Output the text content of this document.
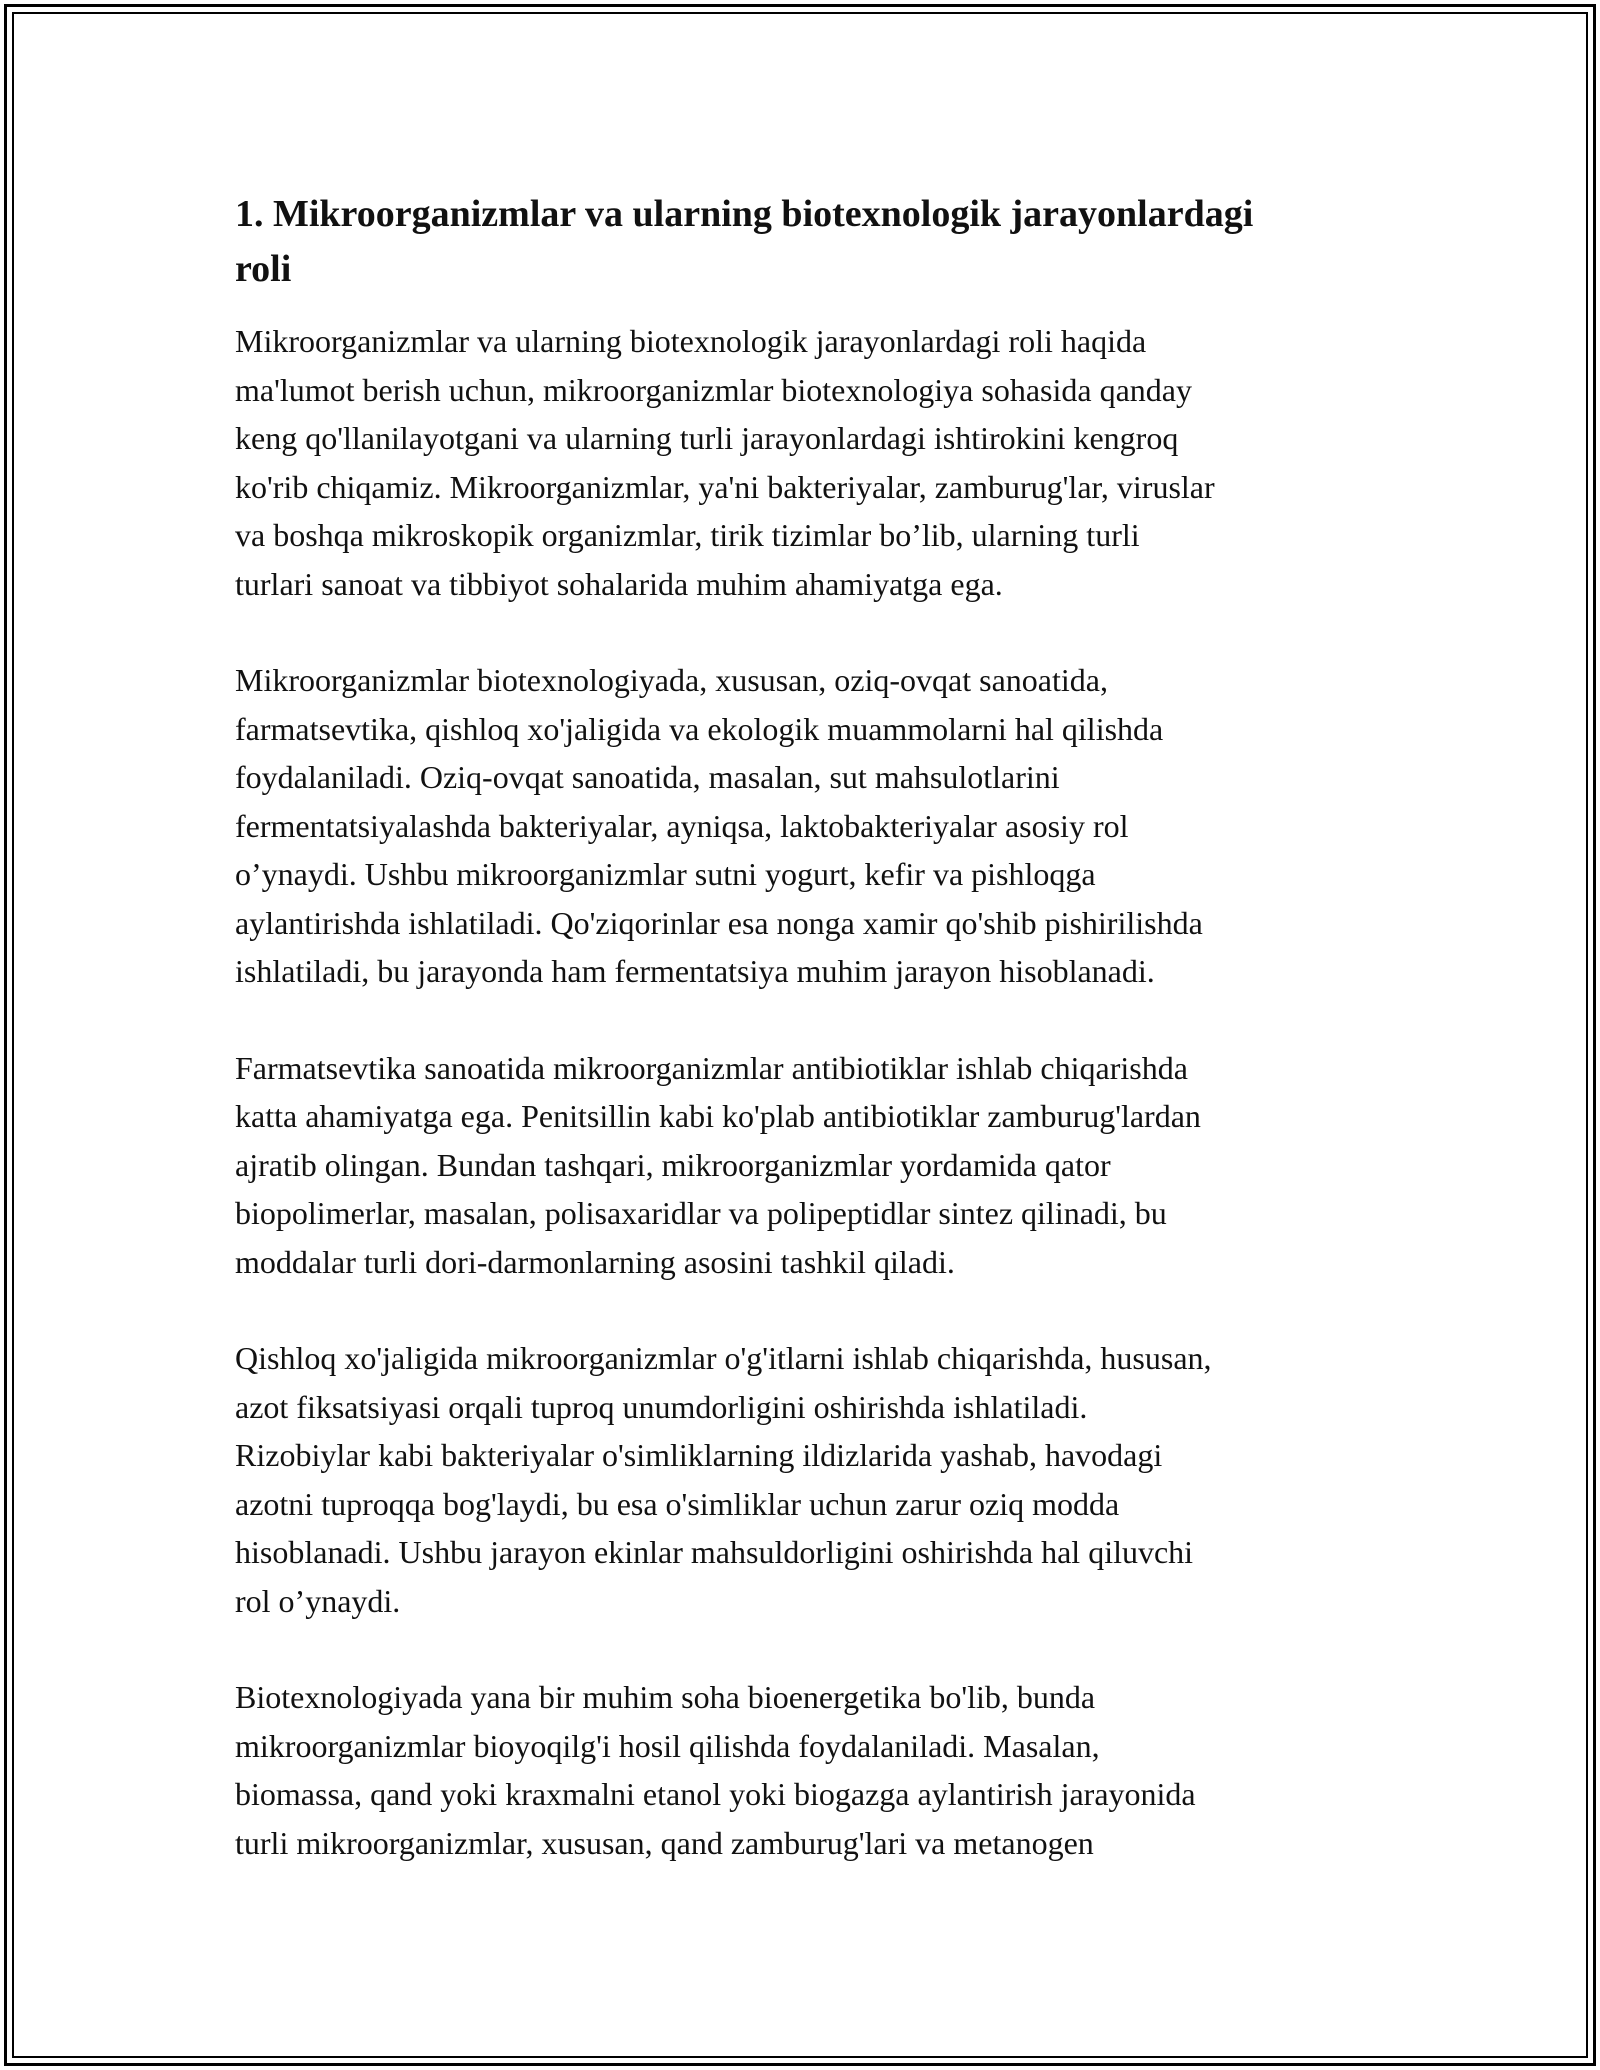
1. Mikroorganizmlar va ularning biotexnologik jarayonlardagi
roli
Mikroorganizmlar va ularning biotexnologik jarayonlardagi roli haqida
ma'lumot berish uchun, mikroorganizmlar biotexnologiya sohasida qanday
keng qo'llanilayotgani va ularning turli jarayonlardagi ishtirokini kengroq
ko'rib chiqamiz. Mikroorganizmlar, ya'ni bakteriyalar, zamburug'lar, viruslar
va boshqa mikroskopik organizmlar, tirik tizimlar bo’lib, ularning turli
turlari sanoat va tibbiyot sohalarida muhim ahamiyatga ega.
Mikroorganizmlar biotexnologiyada, xususan, oziq-ovqat sanoatida,
farmatsevtika, qishloq xo'jaligida va ekologik muammolarni hal qilishda
foydalaniladi. Oziq-ovqat sanoatida, masalan, sut mahsulotlarini
fermentatsiyalashda bakteriyalar, ayniqsa, laktobakteriyalar asosiy rol
o’ynaydi. Ushbu mikroorganizmlar sutni yogurt, kefir va pishloqga
aylantirishda ishlatiladi. Qo'ziqorinlar esa nonga xamir qo'shib pishirilishda
ishlatiladi, bu jarayonda ham fermentatsiya muhim jarayon hisoblanadi.
Farmatsevtika sanoatida mikroorganizmlar antibiotiklar ishlab chiqarishda
katta ahamiyatga ega. Penitsillin kabi ko'plab antibiotiklar zamburug'lardan
ajratib olingan. Bundan tashqari, mikroorganizmlar yordamida qator
biopolimerlar, masalan, polisaxaridlar va polipeptidlar sintez qilinadi, bu
moddalar turli dori-darmonlarning asosini tashkil qiladi.
Qishloq xo'jaligida mikroorganizmlar o'g'itlarni ishlab chiqarishda, hususan,
azot fiksatsiyasi orqali tuproq unumdorligini oshirishda ishlatiladi.
Rizobiylar kabi bakteriyalar o'simliklarning ildizlarida yashab, havodagi
azotni tuproqqa bog'laydi, bu esa o'simliklar uchun zarur oziq modda
hisoblanadi. Ushbu jarayon ekinlar mahsuldorligini oshirishda hal qiluvchi
rol o’ynaydi.
Biotexnologiyada yana bir muhim soha bioenergetika bo'lib, bunda
mikroorganizmlar bioyoqilg'i hosil qilishda foydalaniladi. Masalan,
biomassa, qand yoki kraxmalni etanol yoki biogazga aylantirish jarayonida
turli mikroorganizmlar, xususan, qand zamburug'lari va metanogen
